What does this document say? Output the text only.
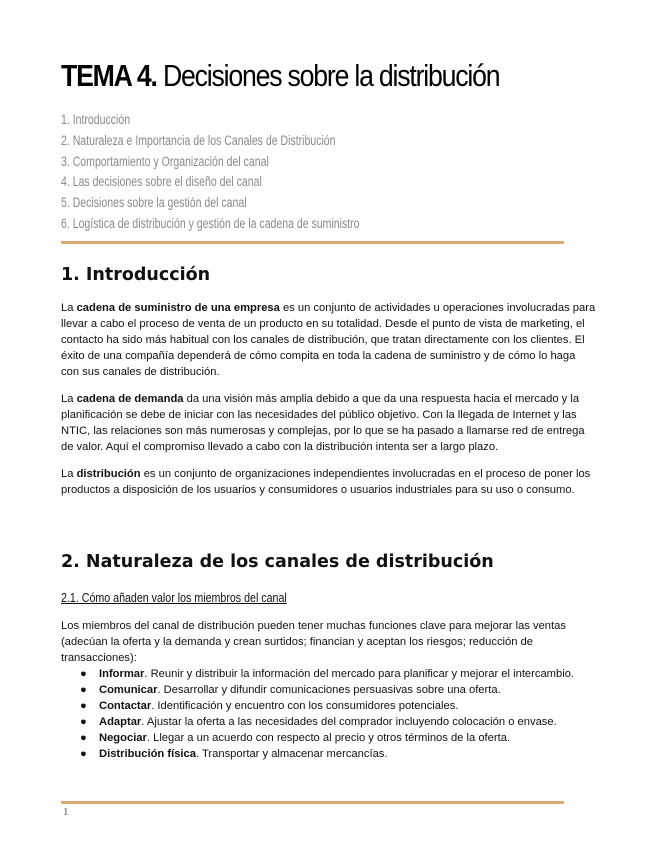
TEMA 4. Decisiones sobre la distribución
1. Introducción
2. Naturaleza e Importancia de los Canales de Distribución
3. Comportamiento y Organización del canal
4. Las decisiones sobre el diseño del canal
5. Decisiones sobre la gestión del canal
6. Logística de distribución y gestión de la cadena de suministro
1. Introducción

La cadena de suministro de una empresa es un conjunto de actividades u operaciones involucradas para llevar a cabo el proceso de venta de un producto en su totalidad. Desde el punto de vista de marketing, el contacto ha sido más habitual con los canales de distribución, que tratan directamente con los clientes. El éxito de una compañía dependerá de cómo compita en toda la cadena de suministro y de cómo lo haga con sus canales de distribución.

La cadena de demanda da una visión más amplia debido a que da una respuesta hacia el mercado y la planificación se debe de iniciar con las necesidades del público objetivo. Con la llegada de Internet y las NTIC, las relaciones son más numerosas y complejas, por lo que se ha pasado a llamarse red de entrega de valor. Aquí el compromiso llevado a cabo con la distribución intenta ser a largo plazo.

La distribución es un conjunto de organizaciones independientes involucradas en el proceso de poner los productos a disposición de los usuarios y consumidores o usuarios industriales para su uso o consumo.

2. Naturaleza de los canales de distribución
2.1. Cómo añaden valor los miembros del canal

Los miembros del canal de distribución pueden tener muchas funciones clave para mejorar las ventas (adecúan la oferta y la demanda y crean surtidos; financian y aceptan los riesgos; reducción de transacciones):

● Informar. Reunir y distribuir la información del mercado para planificar y mejorar el intercambio.
● Comunicar. Desarrollar y difundir comunicaciones persuasivas sobre una oferta.
● Contactar. Identificación y encuentro con los consumidores potenciales.
● Adaptar. Ajustar la oferta a las necesidades del comprador incluyendo colocación o envase.
● Negociar. Llegar a un acuerdo con respecto al precio y otros términos de la oferta.
● Distribución física. Transportar y almacenar mercancías.
1
